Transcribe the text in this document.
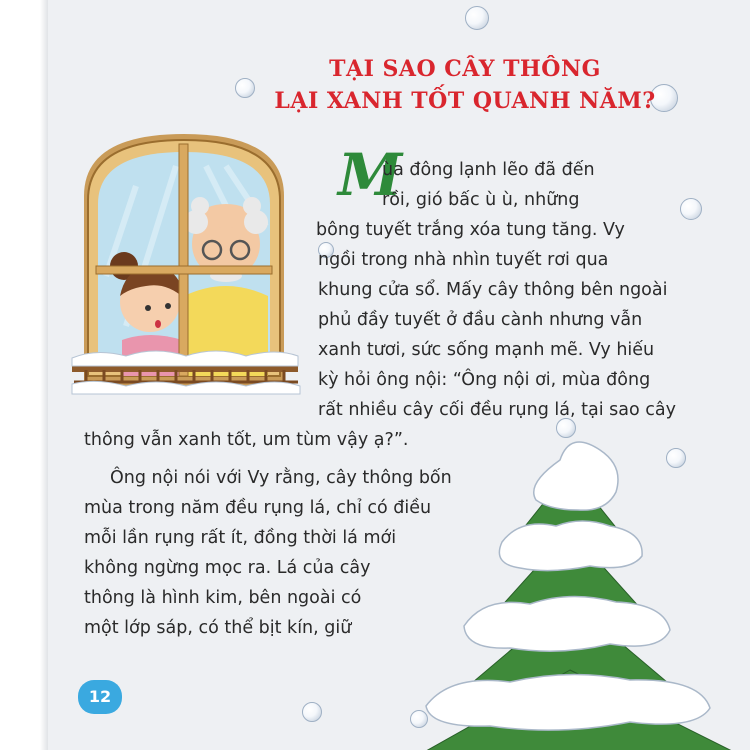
TẠI SAO CÂY THÔNG
LẠI XANH TỐT QUANH NĂM?
M

ùa đông lạnh lẽo đã đến

rồi, gió bấc ù ù, những

bông tuyết trắng xóa tung tăng. Vy

ngồi trong nhà nhìn tuyết rơi qua

khung cửa sổ. Mấy cây thông bên ngoài

phủ đầy tuyết ở đầu cành nhưng vẫn

xanh tươi, sức sống mạnh mẽ. Vy hiếu

kỳ hỏi ông nội: “Ông nội ơi, mùa đông

rất nhiều cây cối đều rụng lá, tại sao cây

thông vẫn xanh tốt, um tùm vậy ạ?”.

Ông nội nói với Vy rằng, cây thông bốn

mùa trong năm đều rụng lá, chỉ có điều

mỗi lần rụng rất ít, đồng thời lá mới

không ngừng mọc ra. Lá của cây

thông là hình kim, bên ngoài có

một lớp sáp, có thể bịt kín, giữ

12
